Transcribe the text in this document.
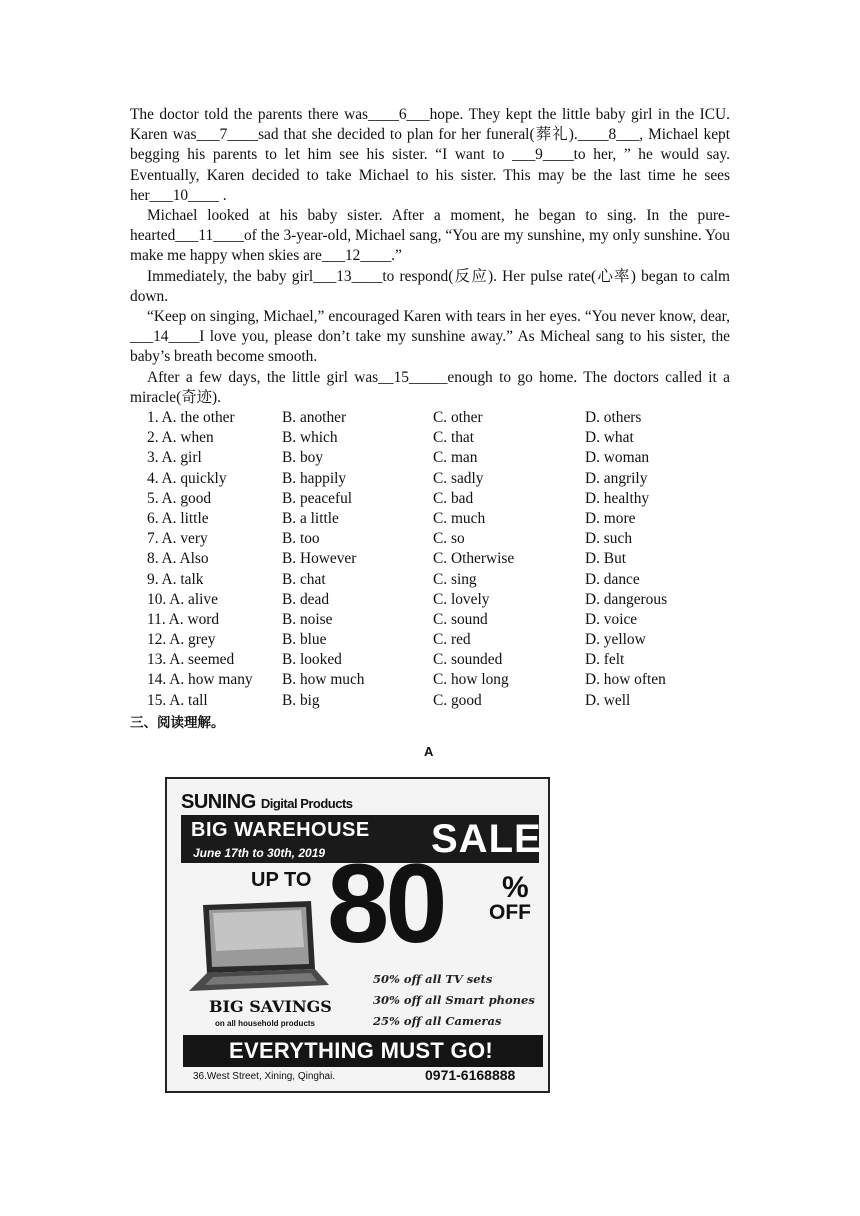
The doctor told the parents there was____6___hope. They kept the little baby girl in the ICU. Karen was___7____sad that she decided to plan for her funeral(葬礼).____8___, Michael kept begging his parents to let him see his sister. “I want to ___9____to her, ” he would say. Eventually, Karen decided to take Michael to his sister. This may be the last time he sees her___10____ .

Michael looked at his baby sister. After a moment, he began to sing. In the pure-hearted___11____of the 3-year-old, Michael sang, “You are my sunshine, my only sunshine. You make me happy when skies are___12____.”

Immediately, the baby girl___13____to respond(反应). Her pulse rate(心率) began to calm down.

“Keep on singing, Michael,” encouraged Karen with tears in her eyes. “You never know, dear, ___14____I love you, please don’t take my sunshine away.” As Micheal sang to his sister, the baby’s breath become smooth.

After a few days, the little girl was__15_____enough to go home. The doctors called it a miracle(奇迹).

1. A. the other	B. another	C. other	D. others
2. A. when	B. which	C. that	D. what
3. A. girl	B. boy	C. man	D. woman
4. A. quickly	B. happily	C. sadly	D. angrily
5. A. good	B. peaceful	C. bad	D. healthy
6. A. little	B. a little	C. much	D. more
7. A. very	B. too	C. so	D. such
8. A. Also	B. However	C. Otherwise	D. But
9. A. talk	B. chat	C. sing	D. dance
10. A. alive	B. dead	C. lovely	D. dangerous
11. A. word	B. noise	C. sound	D. voice
12. A. grey	B. blue	C. red	D. yellow
13. A. seemed	B. looked	C. sounded	D. felt
14. A. how many B. how much	C. how long	D. how often
15. A. tall	B. big	C. good	D. well
三、阅读理解。
A
SUNING Digital Products
BIG WAREHOUSE
June 17th to 30th, 2019	SALE
UP TO 80 %
OFF
50% off all TV sets
30% off all Smart phones
25% off all Cameras
BIG SAVINGS
on all household products
EVERYTHING MUST GO!
36.West Street, Xining, Qinghai.	0971-6168888
